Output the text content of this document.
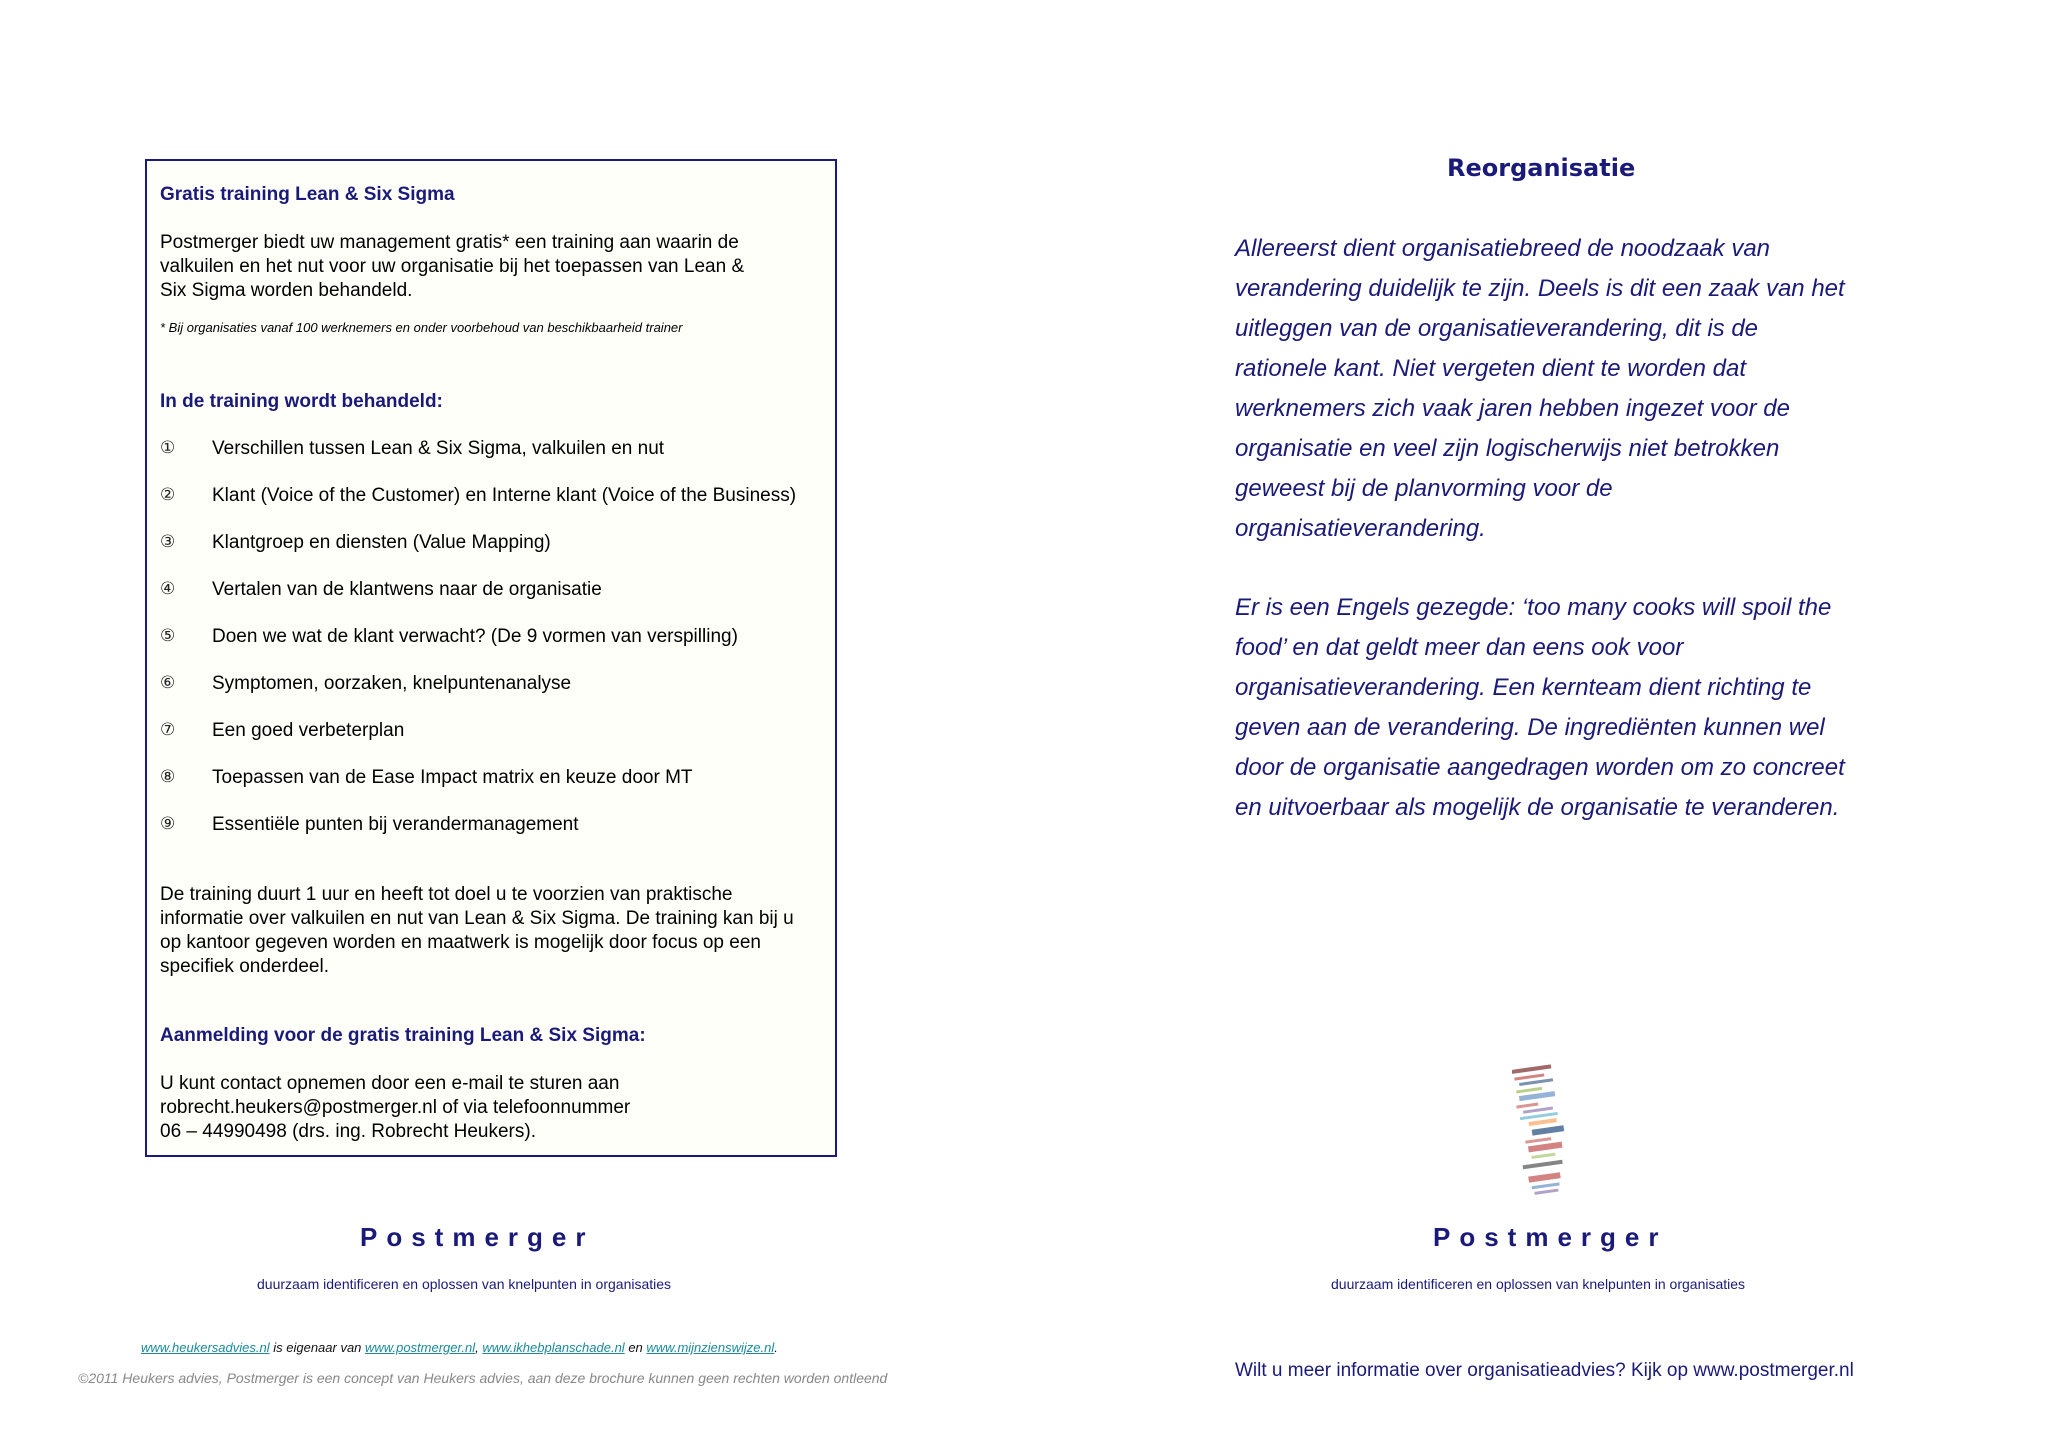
Gratis training Lean & Six Sigma
Postmerger biedt uw management gratis* een training aan waarin de
valkuilen en het nut voor uw organisatie bij het toepassen van Lean &
Six Sigma worden behandeld.
* Bij organisaties vanaf 100 werknemers en onder voorbehoud van beschikbaarheid trainer
In de training wordt behandeld:
① Verschillen tussen Lean & Six Sigma, valkuilen en nut
② Klant (Voice of the Customer) en Interne klant (Voice of the Business)
③ Klantgroep en diensten (Value Mapping)
④ Vertalen van de klantwens naar de organisatie
⑤ Doen we wat de klant verwacht? (De 9 vormen van verspilling)
⑥ Symptomen, oorzaken, knelpuntenanalyse
⑦ Een goed verbeterplan
⑧ Toepassen van de Ease Impact matrix en keuze door MT
⑨ Essentiële punten bij verandermanagement
De training duurt 1 uur en heeft tot doel u te voorzien van praktische
informatie over valkuilen en nut van Lean & Six Sigma. De training kan bij u
op kantoor gegeven worden en maatwerk is mogelijk door focus op een
specifiek onderdeel.
Aanmelding voor de gratis training Lean & Six Sigma:
U kunt contact opnemen door een e-mail te sturen aan
robrecht.heukers@postmerger.nl of via telefoonnummer
06 – 44990498 (drs. ing. Robrecht Heukers).
Postmerger
duurzaam identificeren en oplossen van knelpunten in organisaties
www.heukersadvies.nl is eigenaar van www.postmerger.nl, www.ikhebplanschade.nl en www.mijnzienswijze.nl.
©2011 Heukers advies, Postmerger is een concept van Heukers advies, aan deze brochure kunnen geen rechten worden ontleend
Reorganisatie
Allereerst dient organisatiebreed de noodzaak van
verandering duidelijk te zijn. Deels is dit een zaak van het
uitleggen van de organisatieverandering, dit is de
rationele kant. Niet vergeten dient te worden dat
werknemers zich vaak jaren hebben ingezet voor de
organisatie en veel zijn logischerwijs niet betrokken
geweest bij de planvorming voor de
organisatieverandering.
Er is een Engels gezegde: ‘too many cooks will spoil the
food’ en dat geldt meer dan eens ook voor
organisatieverandering. Een kernteam dient richting te
geven aan de verandering. De ingrediënten kunnen wel
door de organisatie aangedragen worden om zo concreet
en uitvoerbaar als mogelijk de organisatie te veranderen.
Postmerger
duurzaam identificeren en oplossen van knelpunten in organisaties
Wilt u meer informatie over organisatieadvies? Kijk op www.postmerger.nl
